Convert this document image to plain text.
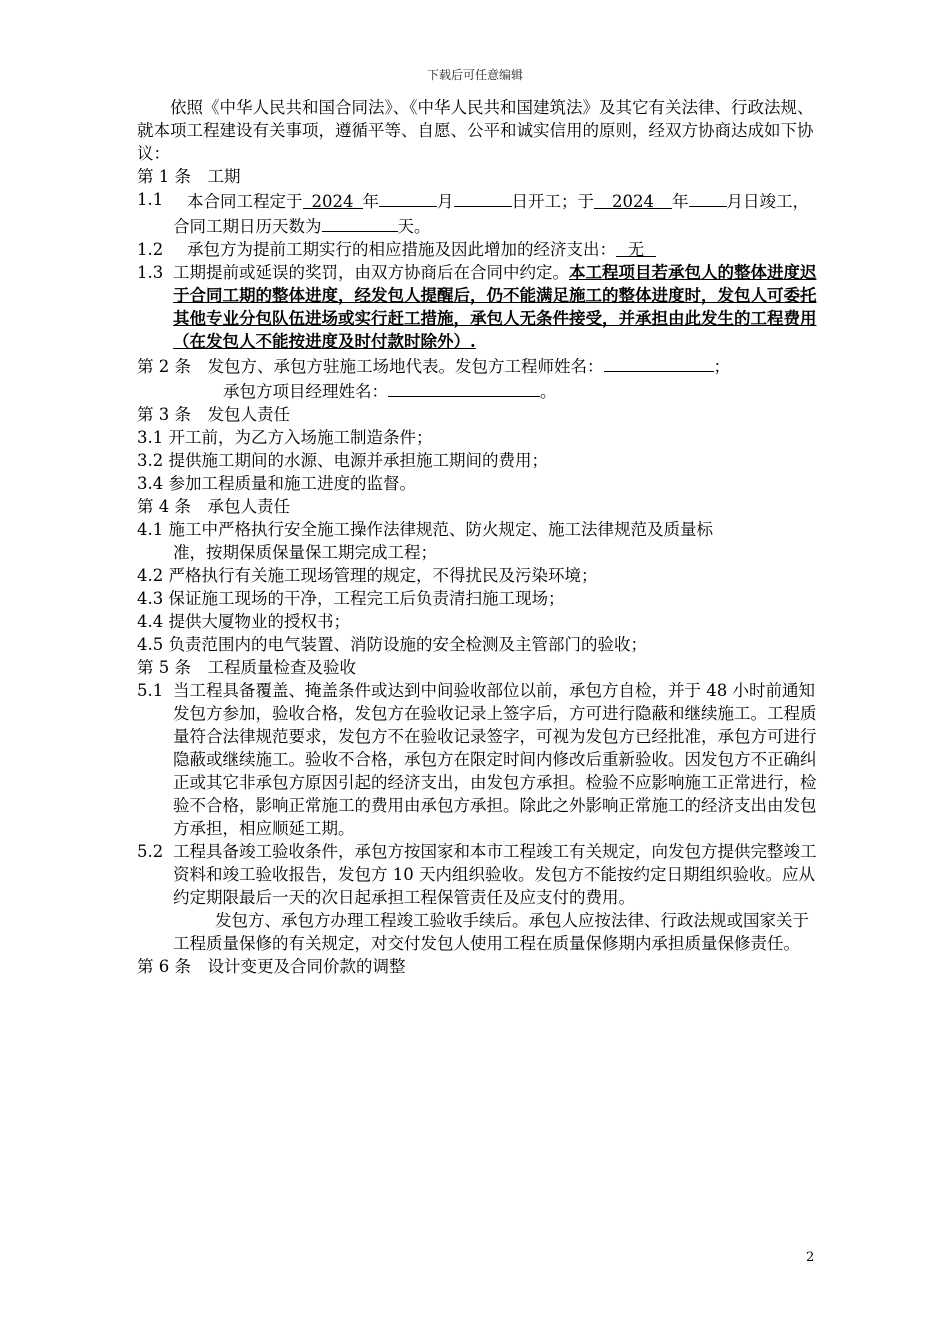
下载后可任意编辑

依照《中华人民共和国合同法》、《中华人民共和国建筑法》及其它有关法律、行政法规、就本项工程建设有关事项，遵循平等、自愿、公平和诚实信用的原则，经双方协商达成如下协议：

第 1 条　工期

1.1 本合同工程定于 2024 年	月	日开工；于 2024 年 月日竣工，合同工期日历天数为	天。
1.2 承包方为提前工期实行的相应措施及因此增加的经济支出： 无
1.3 工期提前或延误的奖罚，由双方协商后在合同中约定。本工程项目若承包人的整体进度迟于合同工期的整体进度，经发包人提醒后，仍不能满足施工的整体进度时，发包人可委托其他专业分包队伍进场或实行赶工措施，承包人无条件接受，并承担由此发生的工程费用（在发包人不能按进度及时付款时除外）.

第 2 条　发包方、承包方驻施工场地代表。发包方工程师姓名：	；

承包方项目经理姓名：	。

第 3 条　发包人责任

3.1 开工前，为乙方入场施工制造条件；

3.2 提供施工期间的水源、电源并承担施工期间的费用；

3.4 参加工程质量和施工进度的监督。

第 4 条　承包人责任

4.1 施工中严格执行安全施工操作法律规范、防火规定、施工法律规范及质量标

准，按期保质保量保工期完成工程；

4.2 严格执行有关施工现场管理的规定，不得扰民及污染环境；

4.3 保证施工现场的干净，工程完工后负责清扫施工现场；

4.4 提供大厦物业的授权书；

4.5 负责范围内的电气装置、消防设施的安全检测及主管部门的验收；

第 5 条　工程质量检查及验收

5.1 当工程具备覆盖、掩盖条件或达到中间验收部位以前，承包方自检，并于 48 小时前通知发包方参加，验收合格，发包方在验收记录上签字后，方可进行隐蔽和继续施工。工程质量符合法律规范要求，发包方不在验收记录签字，可视为发包方已经批准，承包方可进行隐蔽或继续施工。验收不合格，承包方在限定时间内修改后重新验收。因发包方不正确纠正或其它非承包方原因引起的经济支出，由发包方承担。检验不应影响施工正常进行，检验不合格，影响正常施工的费用由承包方承担。除此之外影响正常施工的经济支出由发包方承担，相应顺延工期。
5.2 工程具备竣工验收条件，承包方按国家和本市工程竣工有关规定，向发包方提供完整竣工资料和竣工验收报告，发包方 10 天内组织验收。发包方不能按约定日期组织验收。应从约定期限最后一天的次日起承担工程保管责任及应支付的费用。

发包方、承包方办理工程竣工验收手续后。承包人应按法律、行政法规或国家关于工程质量保修的有关规定，对交付发包人使用工程在质量保修期内承担质量保修责任。

第 6 条　设计变更及合同价款的调整

2
